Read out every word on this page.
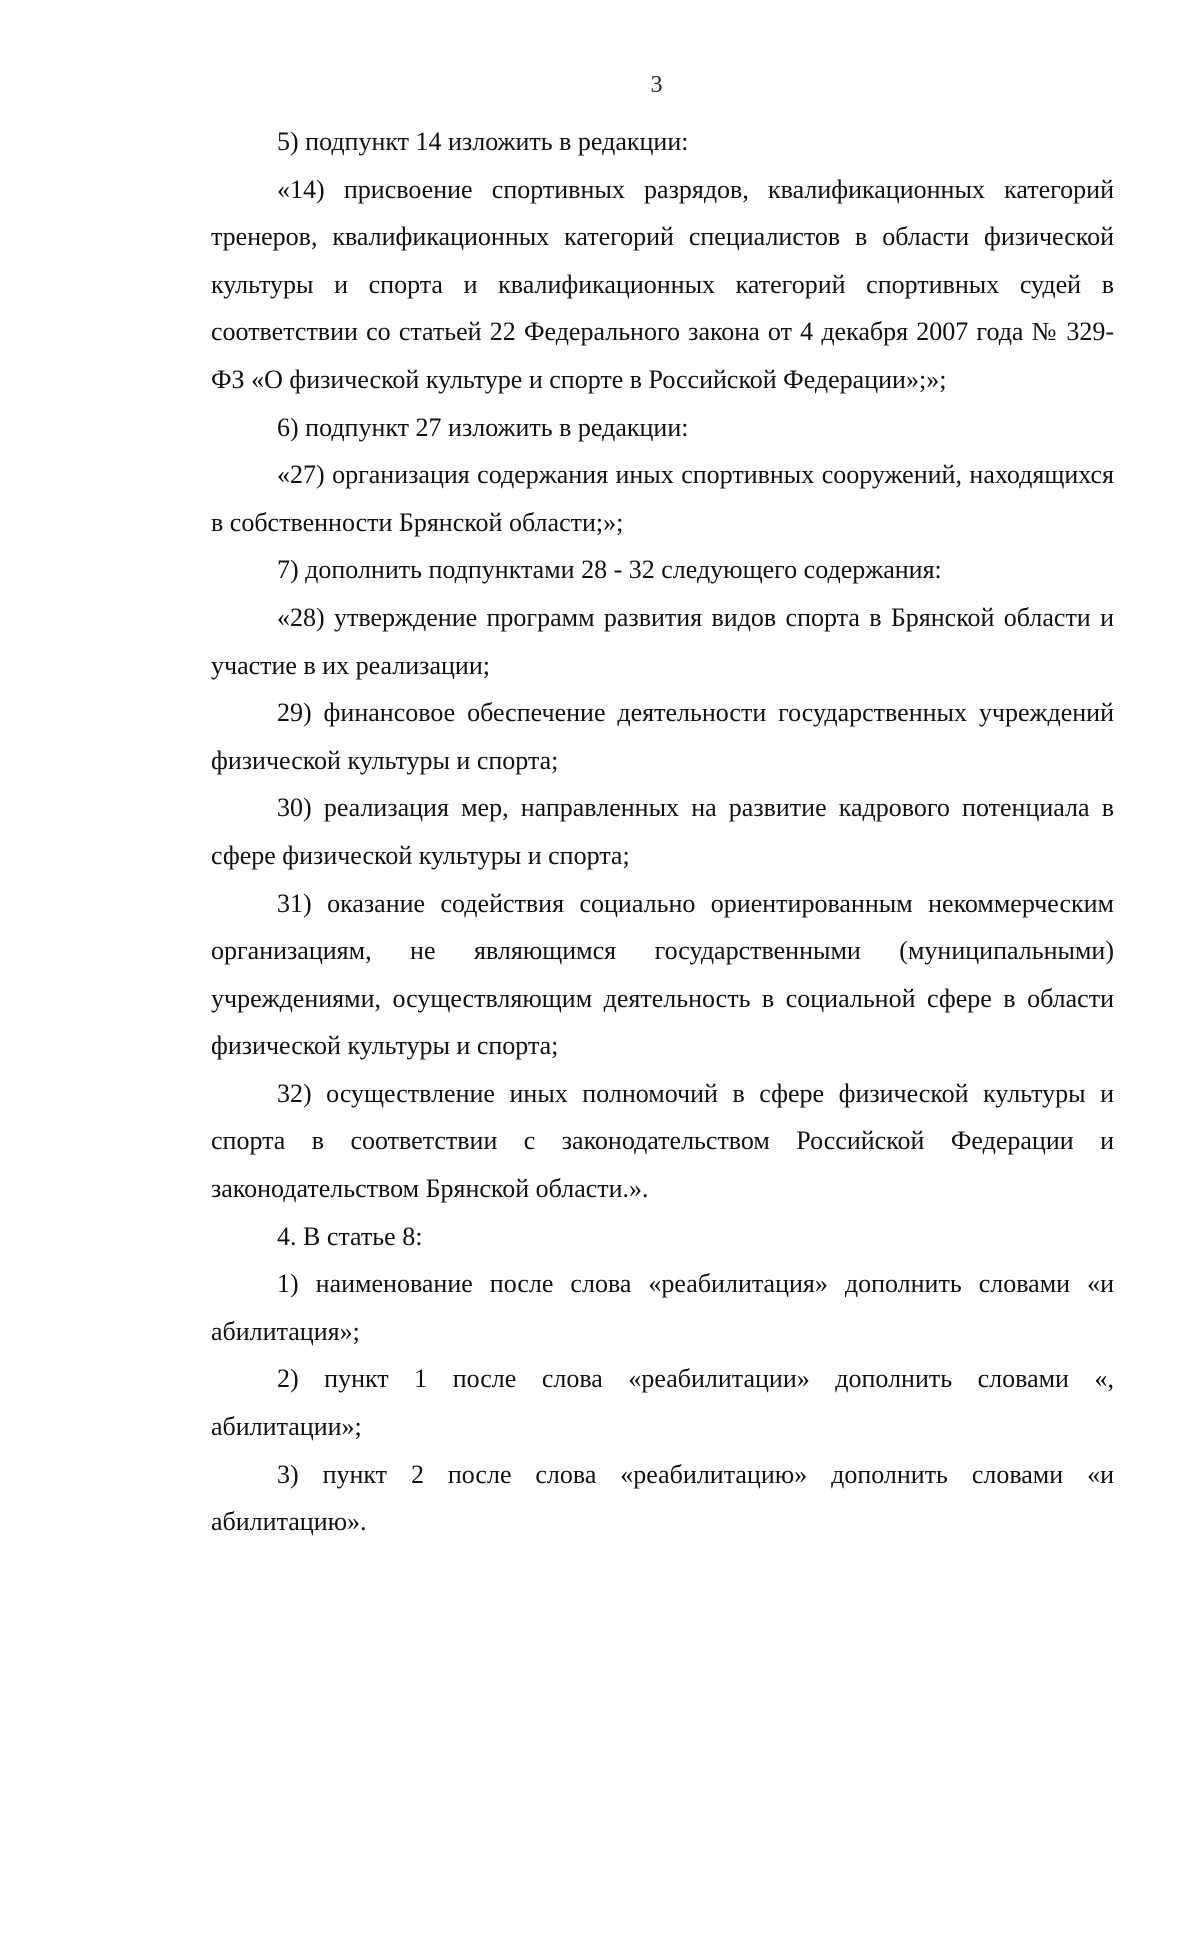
3

5) подпункт 14 изложить в редакции:

«14) присвоение спортивных разрядов, квалификационных категорий тренеров, квалификационных категорий специалистов в области физической культуры и спорта и квалификационных категорий спортивных судей в соответствии со статьей 22 Федерального закона от 4 декабря 2007 года № 329-ФЗ «О физической культуре и спорте в Российской Федерации»;»;

6) подпункт 27 изложить в редакции:

«27) организация содержания иных спортивных сооружений, находящихся в собственности Брянской области;»;

7) дополнить подпунктами 28 - 32 следующего содержания:

«28) утверждение программ развития видов спорта в Брянской области и участие в их реализации;

29) финансовое обеспечение деятельности государственных учреждений физической культуры и спорта;

30) реализация мер, направленных на развитие кадрового потенциала в сфере физической культуры и спорта;

31) оказание содействия социально ориентированным некоммерческим организациям, не являющимся государственными (муниципальными) учреждениями, осуществляющим деятельность в социальной сфере в области физической культуры и спорта;

32) осуществление иных полномочий в сфере физической культуры и спорта в соответствии с законодательством Российской Федерации и законодательством Брянской области.».

4. В статье 8:

1) наименование после слова «реабилитация» дополнить словами «и абилитация»;

2) пункт 1 после слова «реабилитации» дополнить словами «, абилитации»;

3) пункт 2 после слова «реабилитацию» дополнить словами «и абилитацию».
